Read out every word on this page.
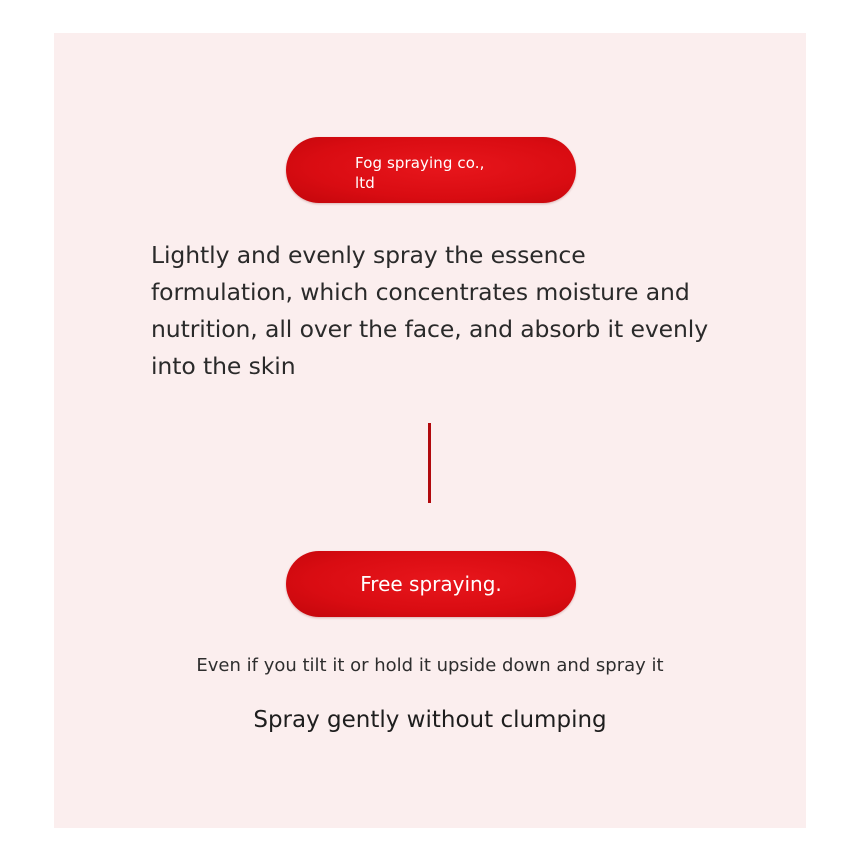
Fog spraying co., ltd
Lightly and evenly spray the essence formulation, which concentrates moisture and nutrition, all over the face, and absorb it evenly into the skin
Free spraying.
Even if you tilt it or hold it upside down and spray it
Spray gently without clumping
